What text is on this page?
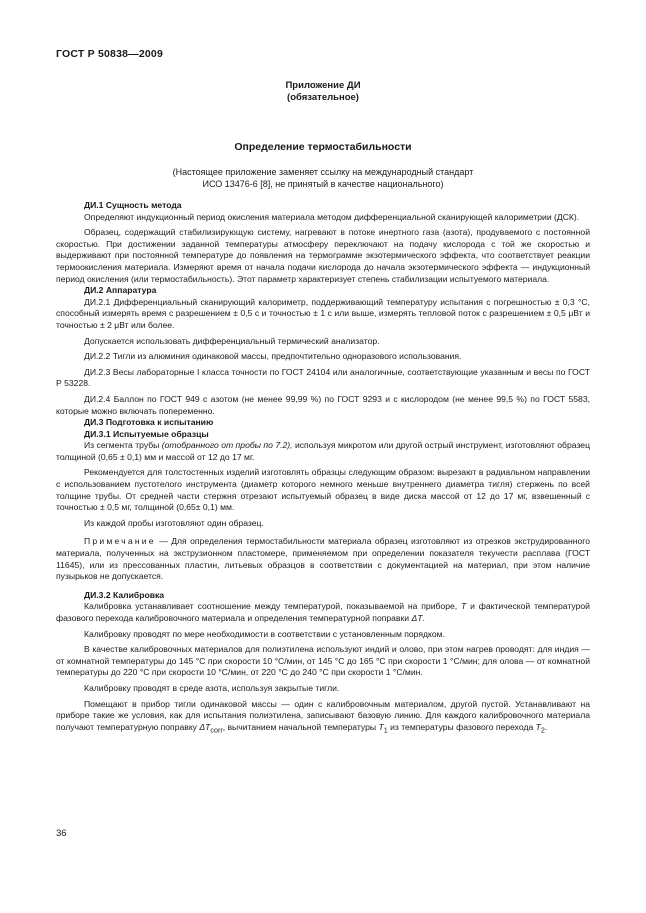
ГОСТ Р 50838—2009
Приложение ДИ
(обязательное)
Определение термостабильности
(Настоящее приложение заменяет ссылку на международный стандарт
ИСО 13476-6 [8], не принятый в качестве национального)

ДИ.1 Сущность метода

Определяют индукционный период окисления материала методом дифференциальной сканирующей калориметрии (ДСК).

Образец, содержащий стабилизирующую систему, нагревают в потоке инертного газа (азота), продуваемого с постоянной скоростью. При достижении заданной температуры атмосферу переключают на подачу кислорода с той же скоростью и выдерживают при постоянной температуре до появления на термограмме экзотермического эффекта, что соответствует реакции термоокисления материала. Измеряют время от начала подачи кислорода до начала экзотермического эффекта — индукционный период окисления (или термостабильность). Этот параметр характеризует степень стабилизации испытуемого материала.

ДИ.2 Аппаратура

ДИ.2.1 Дифференциальный сканирующий калориметр, поддерживающий температуру испытания с погрешностью ± 0,3 °С, способный измерять время с разрешением ± 0,5 с и точностью ± 1 с или выше, измерять тепловой поток с разрешением ± 0,5 μВт и точностью ± 2 μВт или более.

Допускается использовать дифференциальный термический анализатор.

ДИ.2.2 Тигли из алюминия одинаковой массы, предпочтительно одноразового использования.

ДИ.2.3 Весы лабораторные I класса точности по ГОСТ 24104 или аналогичные, соответствующие указанным и весы по ГОСТ Р 53228.

ДИ.2.4 Баллон по ГОСТ 949 с азотом (не менее 99,99 %) по ГОСТ 9293 и с кислородом (не менее 99,5 %) по ГОСТ 5583, которые можно включать попеременно.

ДИ.3 Подготовка к испытанию

ДИ.3.1 Испытуемые образцы

Из сегмента трубы (отобранного от пробы по 7.2), используя микротом или другой острый инструмент, изготовляют образец толщиной (0,65 ± 0,1) мм и массой от 12 до 17 мг.

Рекомендуется для толстостенных изделий изготовлять образцы следующим образом: вырезают в радиальном направлении с использованием пустотелого инструмента (диаметр которого немного меньше внутреннего диаметра тигля) стержень по всей толщине трубы. От средней части стержня отрезают испытуемый образец в виде диска массой от 12 до 17 мг, взвешенный с точностью ± 0,5 мг, толщиной (0,65± 0,1) мм.

Из каждой пробы изготовляют один образец.

Примечание — Для определения термостабильности материала образец изготовляют из отрезков экструдированного материала, полученных на экструзионном пластомере, применяемом при определении показателя текучести расплава (ГОСТ 11645), или из прессованных пластин, литьевых образцов в соответствии с документацией на материал, при этом наличие пузырьков не допускается.

ДИ.3.2 Калибровка

Калибровка устанавливает соотношение между температурой, показываемой на приборе, T и фактической температурой фазового перехода калибровочного материала и определения температурной поправки ΔT.

Калибровку проводят по мере необходимости в соответствии с установленным порядком.

В качестве калибровочных материалов для полиэтилена используют индий и олово, при этом нагрев проводят: для индия — от комнатной температуры до 145 °С при скорости 10 °С/мин, от 145 °С до 165 °С при скорости 1 °С/мин; для олова — от комнатной температуры до 220 °С при скорости 10 °С/мин, от 220 °С до 240 °С при скорости 1 °С/мин.

Калибровку проводят в среде азота, используя закрытые тигли.

Помещают в прибор тигли одинаковой массы — один с калибровочным материалом, другой пустой. Устанавливают на приборе такие же условия, как для испытания полиэтилена, записывают базовую линию. Для каждого калибровочного материала получают температурную поправку $\Delta T_{corr}$, вычитанием начальной температуры $T_1$ из температуры фазового перехода $T_2$.

36
